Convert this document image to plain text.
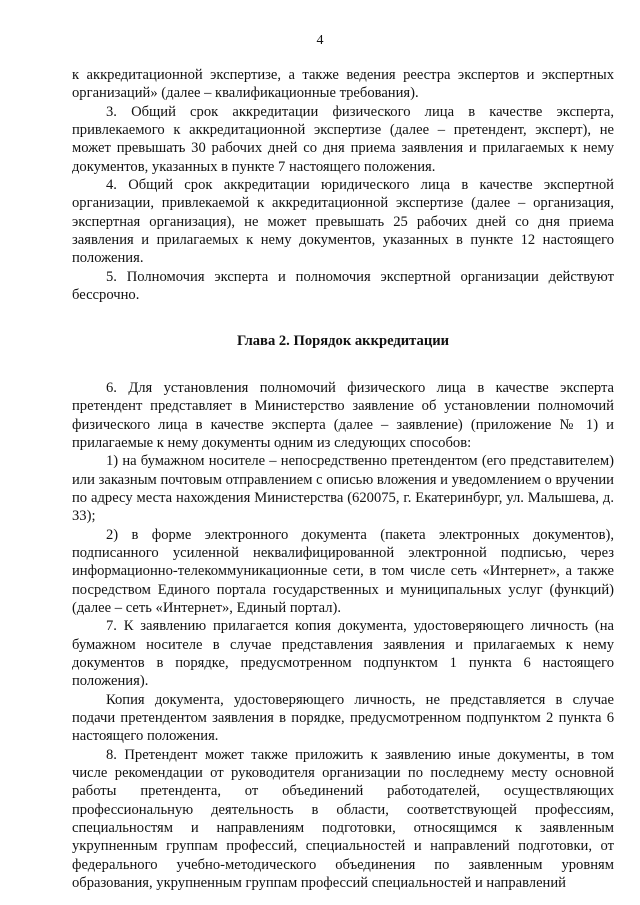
4

к аккредитационной экспертизе, а также ведения реестра экспертов и экспертных организаций» (далее – квалификационные требования).

3. Общий срок аккредитации физического лица в качестве эксперта, привлекаемого к аккредитационной экспертизе (далее – претендент, эксперт), не может превышать 30 рабочих дней со дня приема заявления и прилагаемых к нему документов, указанных в пункте 7 настоящего положения.

4. Общий срок аккредитации юридического лица в качестве экспертной организации, привлекаемой к аккредитационной экспертизе (далее – организация, экспертная организация), не может превышать 25 рабочих дней со дня приема заявления и прилагаемых к нему документов, указанных в пункте 12 настоящего положения.

5. Полномочия эксперта и полномочия экспертной организации действуют бессрочно.

Глава 2. Порядок аккредитации

6. Для установления полномочий физического лица в качестве эксперта претендент представляет в Министерство заявление об установлении полномочий физического лица в качестве эксперта (далее – заявление) (приложение № 1) и прилагаемые к нему документы одним из следующих способов:

1) на бумажном носителе – непосредственно претендентом (его представителем) или заказным почтовым отправлением с описью вложения и уведомлением о вручении по адресу места нахождения Министерства (620075, г. Екатеринбург, ул. Малышева, д. 33);

2) в форме электронного документа (пакета электронных документов), подписанного усиленной неквалифицированной электронной подписью, через информационно-телекоммуникационные сети, в том числе сеть «Интернет», а также посредством Единого портала государственных и муниципальных услуг (функций) (далее – сеть «Интернет», Единый портал).

7. К заявлению прилагается копия документа, удостоверяющего личность (на бумажном носителе в случае представления заявления и прилагаемых к нему документов в порядке, предусмотренном подпунктом 1 пункта 6 настоящего положения).

Копия документа, удостоверяющего личность, не представляется в случае подачи претендентом заявления в порядке, предусмотренном подпунктом 2 пункта 6 настоящего положения.

8. Претендент может также приложить к заявлению иные документы, в том числе рекомендации от руководителя организации по последнему месту основной работы претендента, от объединений работодателей, осуществляющих профессиональную деятельность в области, соответствующей профессиям, специальностям и направлениям подготовки, относящимся к заявленным укрупненным группам профессий, специальностей и направлений подготовки, от федерального учебно-методического объединения по заявленным уровням образования, укрупненным группам профессий специальностей и направлений
